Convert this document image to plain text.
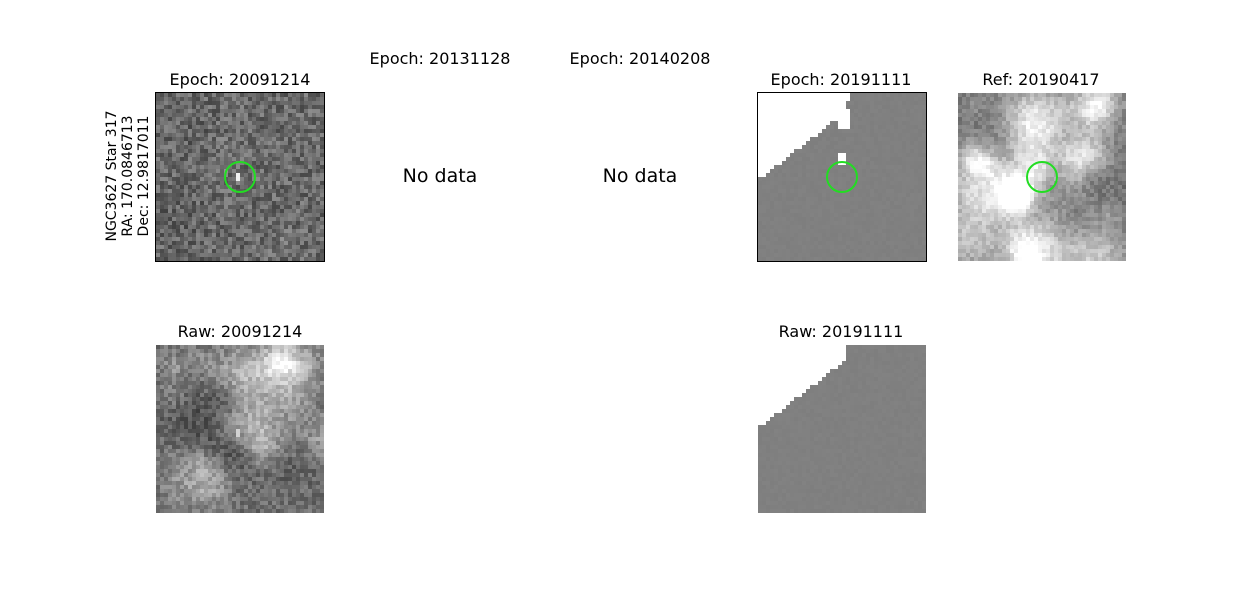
NGC3627 Star 317 RA: 170.0846713 Dec: 12.9817011
Epoch: 20091214
Epoch: 20131128	Epoch: 20140208
Epoch: 20191111	Ref: 20190417
No data	No data
Raw: 20091214	Raw: 20191111
